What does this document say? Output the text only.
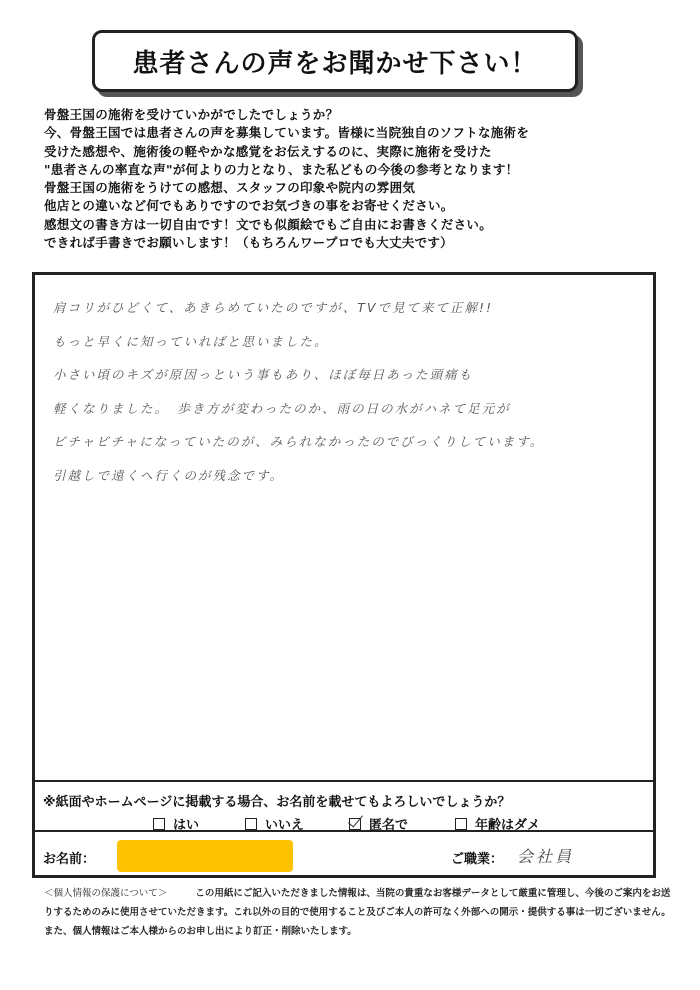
患者さんの声をお聞かせ下さい！
骨盤王国の施術を受けていかがでしたでしょうか？
今、骨盤王国では患者さんの声を募集しています。皆様に当院独自のソフトな施術を
受けた感想や、施術後の軽やかな感覚をお伝えするのに、実際に施術を受けた
"患者さんの率直な声"が何よりの力となり、また私どもの今後の参考となります！
骨盤王国の施術をうけての感想、スタッフの印象や院内の雰囲気
他店との違いなど何でもありですのでお気づきの事をお寄せください。
感想文の書き方は一切自由です！文でも似顔絵でもご自由にお書きください。
できれば手書きでお願いします！（もちろんワープロでも大丈夫です）
肩コリがひどくて、あきらめていたのですが、TVで見て来て正解!!
もっと早くに知っていればと思いました。
小さい頃のキズが原因っという事もあり、ほぼ毎日あった頭痛も
軽くなりました。　歩き方が変わったのか、雨の日の水がハネて足元が
ビチャビチャになっていたのが、みられなかったのでびっくりしています。
引越しで遠くへ行くのが残念です。
※紙面やホームページに掲載する場合、お名前を載せてもよろしいでしょうか？
はい	いいえ	匿名で	年齢はダメ
お名前：	ご職業： 会社員
＜個人情報の保護について＞	この用紙にご記入いただきました情報は、当院の貴重なお客様データとして厳重に管理し、今後のご案内をお送
りするためのみに使用させていただきます。これ以外の目的で使用すること及びご本人の許可なく外部への開示・提供する事は一切ございません。
また、個人情報はご本人様からのお申し出により訂正・削除いたします。
